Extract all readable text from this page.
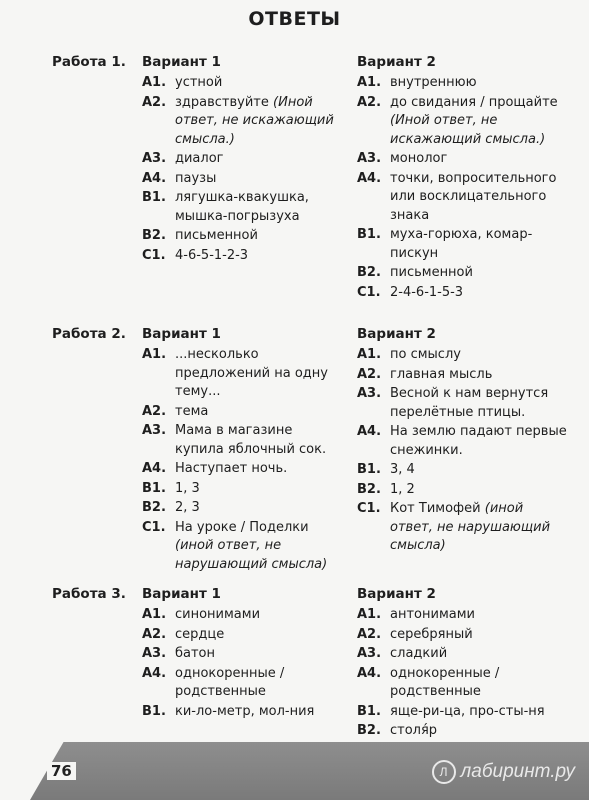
ОТВЕТЫ
Работа 1. Вариант 1
А1. устной
А2. здравствуйте (Иной ответ, не искажающий смысла.)
А3. диалог
А4. паузы
В1. лягушка-квакушка, мышка-погрызуха
В2. письменной
С1. 4-6-5-1-2-3
Вариант 2
А1. внутреннюю
А2. до свидания / прощайте (Иной ответ, не искажающий смысла.)
А3. монолог
А4. точки, вопросительного или восклицательного знака
В1. муха-горюха, комар-пискун
В2. письменной
С1. 2-4-6-1-5-3
Работа 2. Вариант 1
А1. ...несколько предложений на одну тему...
А2. тема
А3. Мама в магазине купила яблочный сок.
А4. Наступает ночь.
В1. 1, 3
В2. 2, 3
С1. На уроке / Поделки (иной ответ, не нарушающий смысла)
Вариант 2
А1. по смыслу
А2. главная мысль
А3. Весной к нам вернутся перелётные птицы.
А4. На землю падают первые снежинки.
В1. 3, 4
В2. 1, 2
С1. Кот Тимофей (иной ответ, не нарушающий смысла)
Работа 3. Вариант 1
А1. синонимами
А2. сердце
А3. батон
А4. однокоренные / родственные
В1. ки-ло-метр, мол-ния
Вариант 2
А1. антонимами
А2. серебряный
А3. сладкий
А4. однокоренные / родственные
В1. яще-ри-ца, про-сты-ня
В2. столя́р
76	Л лабиринт.ру
